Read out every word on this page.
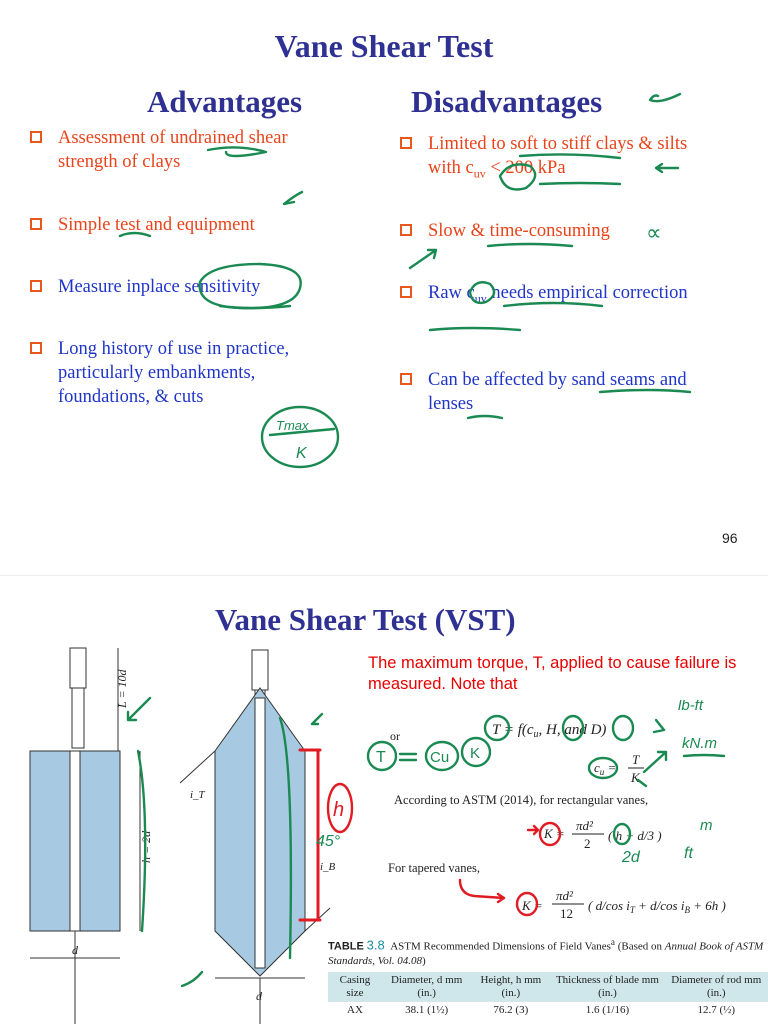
Vane Shear Test
Advantages	Disadvantages
Assessment of undrained shear strength of clays
Simple test and equipment
Measure inplace sensitivity
Long history of use in practice, particularly embankments, foundations, & cuts
Limited to soft to stiff clays & silts with $c_{uv} < 200$ kPa
Slow & time-consuming
Raw $c_{uv}$ needs empirical correction
Can be affected by sand seams and lenses
96
Tmax
K
∝
Vane Shear Test (VST)
L = 10d
h = 2d
d
i_T
i_B
d
h
45°
The maximum torque, T, applied to cause failure is measured. Note that
$T = f(c_u$, H, and D)
lb-ft
kN.m
or
T	Cu K
$c_u$ =
T
K
According to ASTM (2014), for rectangular vanes,
K =
πd²
2
( h + d/3 )
m
ft
2d
For tapered vanes,
K =
πd²
12
( d/cos $i_T + d/\cos$ $i_B + 6h$ )
TABLE 3.8 ASTM Recommended Dimensions of Field Vanes$^a$ (Based on Annual Book of ASTM Standards, Vol. 04.08)
Casing size	Diameter, d mm (in.)	Height, h mm (in.)	Thickness of blade mm (in.)	Diameter of rod mm (in.)
AX	38.1 (1½)	76.2 (3)	1.6 (1/16)	12.7 (½)
